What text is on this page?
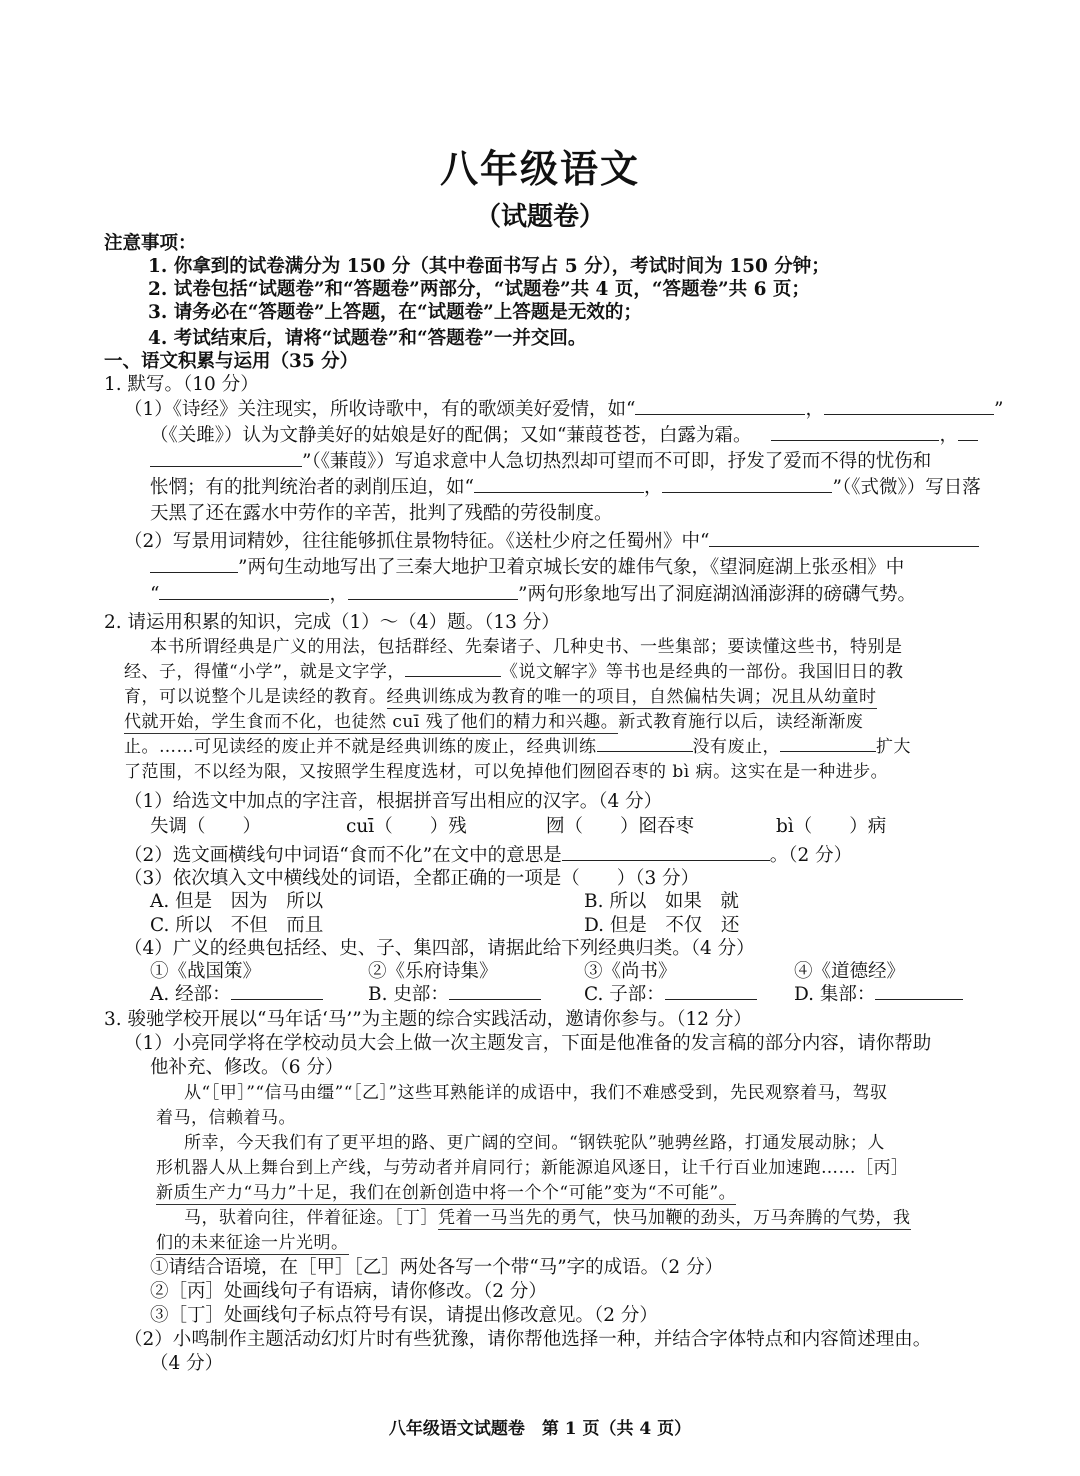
八年级语文
（试题卷）
注意事项：
1. 你拿到的试卷满分为 150 分（其中卷面书写占 5 分），考试时间为 150 分钟；
2. 试卷包括“试题卷”和“答题卷”两部分，“试题卷”共 4 页，“答题卷”共 6 页；
3. 请务必在“答题卷”上答题，在“试题卷”上答题是无效的；
4. 考试结束后，请将“试题卷”和“答题卷”一并交回。
一、语文积累与运用（35 分）
1. 默写。（10 分）
（1）《诗经》关注现实，所收诗歌中，有的歌颂美好爱情，如“	，	”
（《关雎》）认为文静美好的姑娘是好的配偶；又如“蒹葭苍苍，白露为霜。	，
”（《蒹葭》）写追求意中人急切热烈却可望而不可即，抒发了爱而不得的忧伤和
怅惘；有的批判统治者的剥削压迫，如“	，	”（《式微》）写日落
天黑了还在露水中劳作的辛苦，批判了残酷的劳役制度。
（2）写景用词精妙，往往能够抓住景物特征。《送杜少府之任蜀州》中“
”两句生动地写出了三秦大地护卫着京城长安的雄伟气象，《望洞庭湖上张丞相》中
“	，	”两句形象地写出了洞庭湖汹涌澎湃的磅礴气势。
2. 请运用积累的知识，完成（1）～（4）题。（13 分）
本书所谓经典是广义的用法，包括群经、先秦诸子、几种史书、一些集部；要读懂这些书，特别是
经、子，得懂“小学”，就是文字学，	《说文解字》等书也是经典的一部份。我国旧日的教
育，可以说整个儿是读经的教育。经典训练成为教育的唯一的项目，自然偏枯失调；况且从幼童时
代就开始，学生食而不化，也徒然 cuī 残了他们的精力和兴趣。新式教育施行以后，读经渐渐废
止。……可见读经的废止并不就是经典训练的废止，经典训练	没有废止，	扩大
了范围，不以经为限，又按照学生程度选材，可以免掉他们囫囵吞枣的 bì 病。这实在是一种进步。
（1）给选文中加点的字注音，根据拼音写出相应的汉字。（4 分）
失调（　　）	cuī（　　）残	囫（　　）囵吞枣	bì（　　）病
（2）选文画横线句中词语“食而不化”在文中的意思是	。（2 分）
（3）依次填入文中横线处的词语，全都正确的一项是（　　）（3 分）
A. 但是　因为　所以	B. 所以　如果　就
C. 所以　不但　而且	D. 但是　不仅　还
（4）广义的经典包括经、史、子、集四部，请据此给下列经典归类。（4 分）
①《战国策》	②《乐府诗集》	③《尚书》	④《道德经》
A. 经部：	B. 史部：	C. 子部：	D. 集部：
3. 骏驰学校开展以“马年话‘马’”为主题的综合实践活动，邀请你参与。（12 分）
（1）小亮同学将在学校动员大会上做一次主题发言，下面是他准备的发言稿的部分内容，请你帮助
他补充、修改。（6 分）
从“［甲］”“信马由缰”“［乙］”这些耳熟能详的成语中，我们不难感受到，先民观察着马，驾驭
着马，信赖着马。
所幸，今天我们有了更平坦的路、更广阔的空间。“钢铁驼队”驰骋丝路，打通发展动脉；人
形机器人从上舞台到上产线，与劳动者并肩同行；新能源追风逐日，让千行百业加速跑……［丙］
新质生产力“马力”十足，我们在创新创造中将一个个“可能”变为“不可能”。
马，驮着向往，伴着征途。［丁］凭着一马当先的勇气，快马加鞭的劲头，万马奔腾的气势，我
们的未来征途一片光明。
①请结合语境，在［甲］［乙］两处各写一个带“马”字的成语。（2 分）
②［丙］处画线句子有语病，请你修改。（2 分）
③［丁］处画线句子标点符号有误，请提出修改意见。（2 分）
（2）小鸣制作主题活动幻灯片时有些犹豫，请你帮他选择一种，并结合字体特点和内容简述理由。
（4 分）
八年级语文试题卷　第 1 页（共 4 页）
